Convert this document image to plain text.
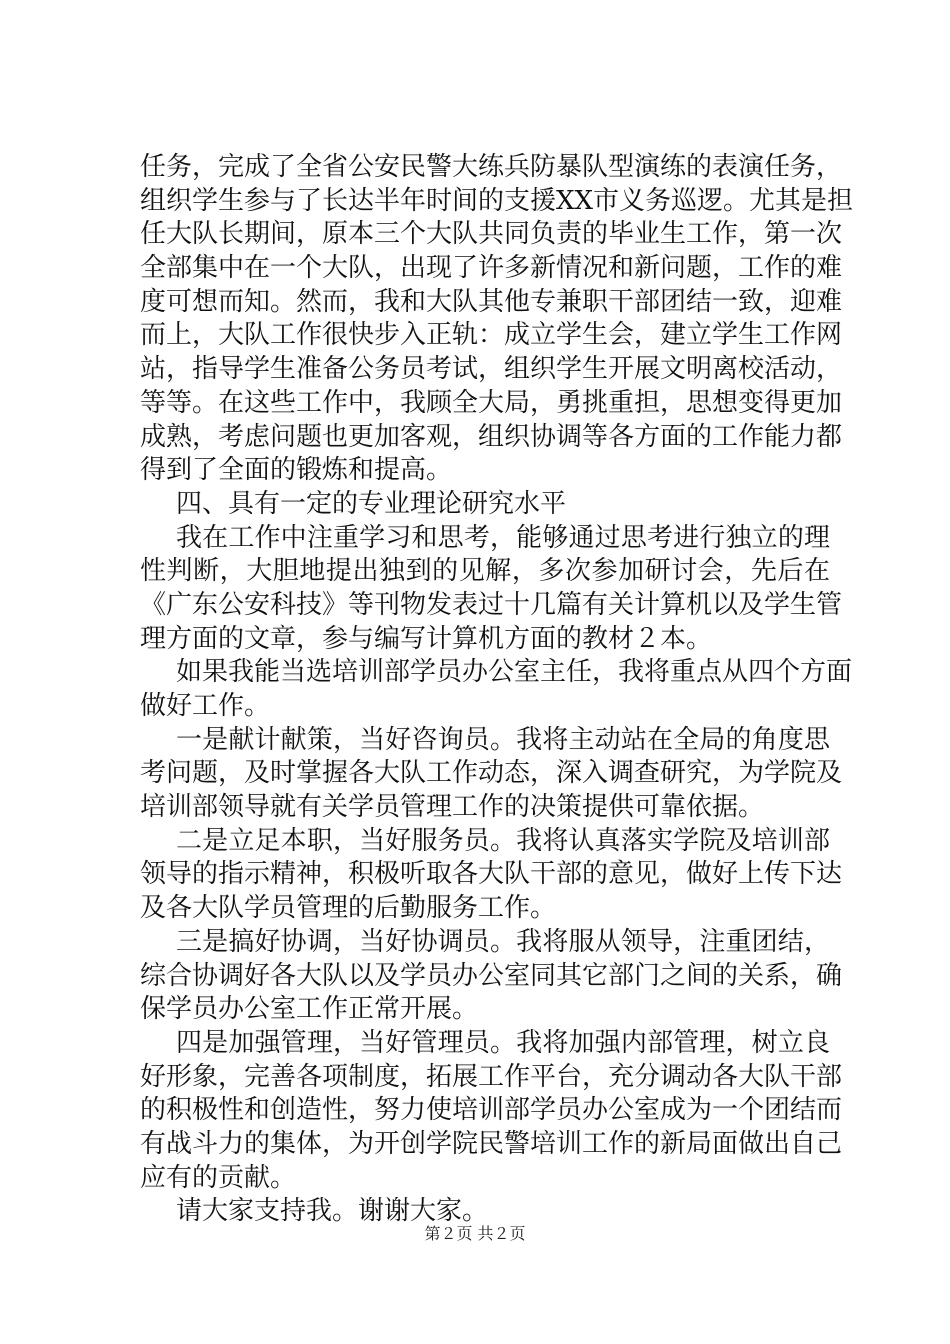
任务，完成了全省公安民警大练兵防暴队型演练的表演任务，
组织学生参与了长达半年时间的支援XX市义务巡逻。尤其是担
任大队长期间，原本三个大队共同负责的毕业生工作，第一次
全部集中在一个大队，出现了许多新情况和新问题，工作的难
度可想而知。然而，我和大队其他专兼职干部团结一致，迎难
而上，大队工作很快步入正轨：成立学生会，建立学生工作网
站，指导学生准备公务员考试，组织学生开展文明离校活动，
等等。在这些工作中，我顾全大局，勇挑重担，思想变得更加
成熟，考虑问题也更加客观，组织协调等各方面的工作能力都
得到了全面的锻炼和提高。
四、具有一定的专业理论研究水平
我在工作中注重学习和思考，能够通过思考进行独立的理
性判断，大胆地提出独到的见解，多次参加研讨会，先后在
《广东公安科技》等刊物发表过十几篇有关计算机以及学生管
理方面的文章，参与编写计算机方面的教材２本。
如果我能当选培训部学员办公室主任，我将重点从四个方面
做好工作。
一是献计献策，当好咨询员。我将主动站在全局的角度思
考问题，及时掌握各大队工作动态，深入调查研究，为学院及
培训部领导就有关学员管理工作的决策提供可靠依据。
二是立足本职，当好服务员。我将认真落实学院及培训部
领导的指示精神，积极听取各大队干部的意见，做好上传下达
及各大队学员管理的后勤服务工作。
三是搞好协调，当好协调员。我将服从领导，注重团结，
综合协调好各大队以及学员办公室同其它部门之间的关系，确
保学员办公室工作正常开展。
四是加强管理，当好管理员。我将加强内部管理，树立良
好形象，完善各项制度，拓展工作平台，充分调动各大队干部
的积极性和创造性，努力使培训部学员办公室成为一个团结而
有战斗力的集体，为开创学院民警培训工作的新局面做出自己
应有的贡献。
请大家支持我。谢谢大家。
第２页 共２页
